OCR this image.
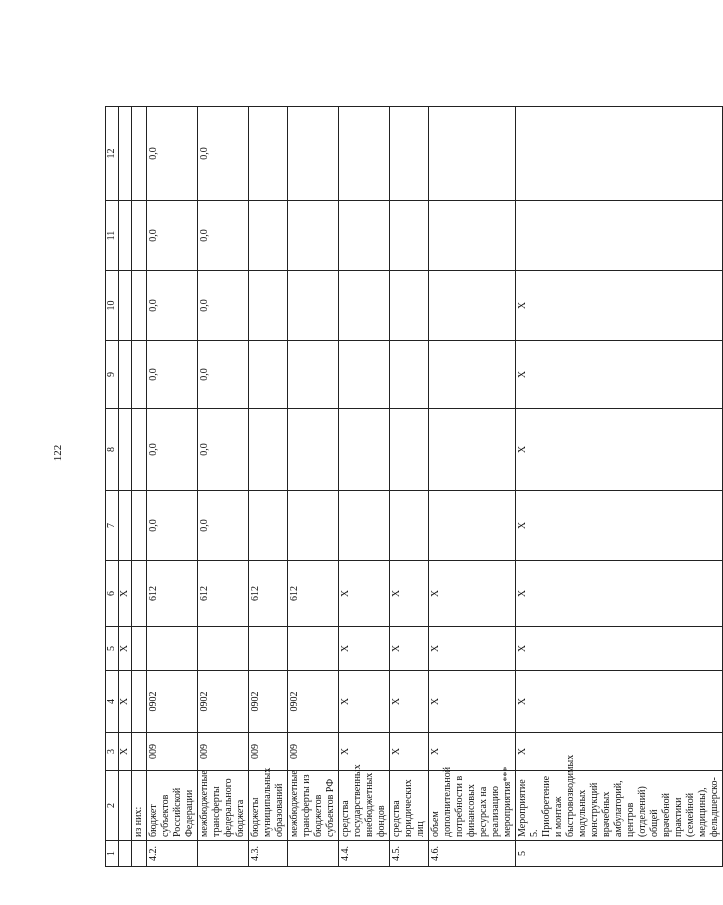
122
1	2	3	4	5	6	7	8	9	10	11	12
		X	X	X	X						
	из них:										
4.2.	бюджет субъектов Российской Федерации	009	0902		612	0,0	0,0	0,0	0,0	0,0	0,0
	межбюджетные трансферты федерального бюджета	009	0902		612	0,0	0,0	0,0	0,0	0,0	0,0
4.3.	бюджеты муниципальных образований	009	0902		612						
	межбюджетные трансферты из бюджетов субъектов РФ	009	0902		612						
4.4.	средства государственных внебюджетных фондов	X	X	X	X						
4.5.	средства юридических лиц	X	X	X	X						
4.6.	объем дополнительной потребности в финансовых ресурсах на реализацию мероприятия***	X	X	X	X						
5	Мероприятие 5. Приобретение и монтаж быстровозводимых модульных конструкций врачебных амбулаторий, центров (отделений) общей врачебной практики (семейной медицины), фельдшерско-	X	X	X	X	X	X	X	X		
